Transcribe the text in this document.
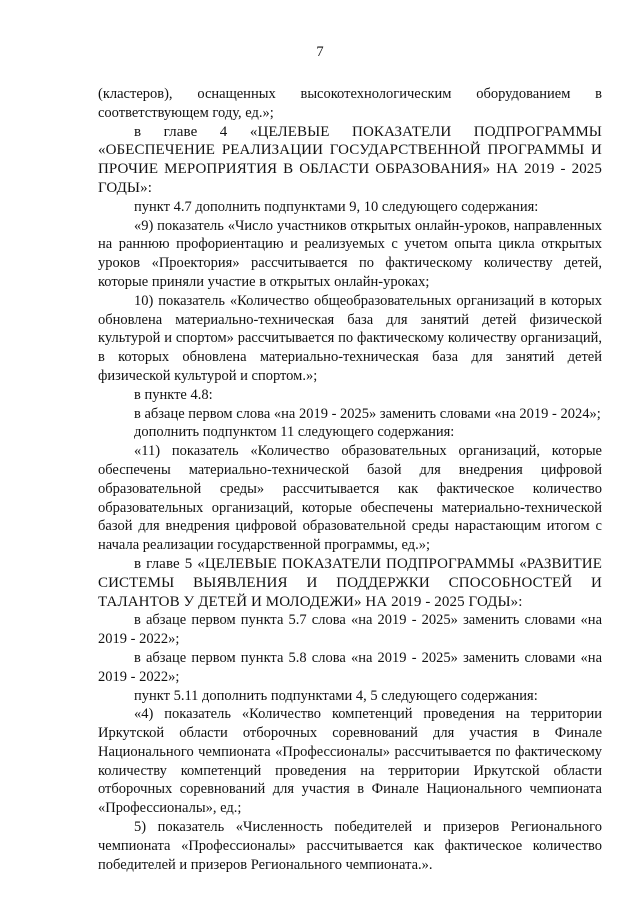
7

(кластеров), оснащенных высокотехнологическим оборудованием в соответствующем году, ед.»;

в главе 4 «ЦЕЛЕВЫЕ ПОКАЗАТЕЛИ ПОДПРОГРАММЫ «ОБЕСПЕЧЕНИЕ РЕАЛИЗАЦИИ ГОСУДАРСТВЕННОЙ ПРОГРАММЫ И ПРОЧИЕ МЕРОПРИЯТИЯ В ОБЛАСТИ ОБРАЗОВАНИЯ» НА 2019 - 2025 ГОДЫ»:

пункт 4.7 дополнить подпунктами 9, 10 следующего содержания:

«9) показатель «Число участников открытых онлайн-уроков, направленных на раннюю профориентацию и реализуемых с учетом опыта цикла открытых уроков «Проектория» рассчитывается по фактическому количеству детей, которые приняли участие в открытых онлайн-уроках;

10) показатель «Количество общеобразовательных организаций в которых обновлена материально-техническая база для занятий детей физической культурой и спортом» рассчитывается по фактическому количеству организаций, в которых обновлена материально-техническая база для занятий детей физической культурой и спортом.»;

в пункте 4.8:

в абзаце первом слова «на 2019 - 2025» заменить словами «на 2019 - 2024»;

дополнить подпунктом 11 следующего содержания:

«11) показатель «Количество образовательных организаций, которые обеспечены материально-технической базой для внедрения цифровой образовательной среды» рассчитывается как фактическое количество образовательных организаций, которые обеспечены материально-технической базой для внедрения цифровой образовательной среды нарастающим итогом с начала реализации государственной программы, ед.»;

в главе 5 «ЦЕЛЕВЫЕ ПОКАЗАТЕЛИ ПОДПРОГРАММЫ «РАЗВИТИЕ СИСТЕМЫ ВЫЯВЛЕНИЯ И ПОДДЕРЖКИ СПОСОБНОСТЕЙ И ТАЛАНТОВ У ДЕТЕЙ И МОЛОДЕЖИ» НА 2019 - 2025 ГОДЫ»:

в абзаце первом пункта 5.7 слова «на 2019 - 2025» заменить словами «на 2019 - 2022»;

в абзаце первом пункта 5.8 слова «на 2019 - 2025» заменить словами «на 2019 - 2022»;

пункт 5.11 дополнить подпунктами 4, 5 следующего содержания:

«4) показатель «Количество компетенций проведения на территории Иркутской области отборочных соревнований для участия в Финале Национального чемпионата «Профессионалы» рассчитывается по фактическому количеству компетенций проведения на территории Иркутской области отборочных соревнований для участия в Финале Национального чемпионата «Профессионалы», ед.;

5) показатель «Численность победителей и призеров Регионального чемпионата «Профессионалы» рассчитывается как фактическое количество победителей и призеров Регионального чемпионата.».
